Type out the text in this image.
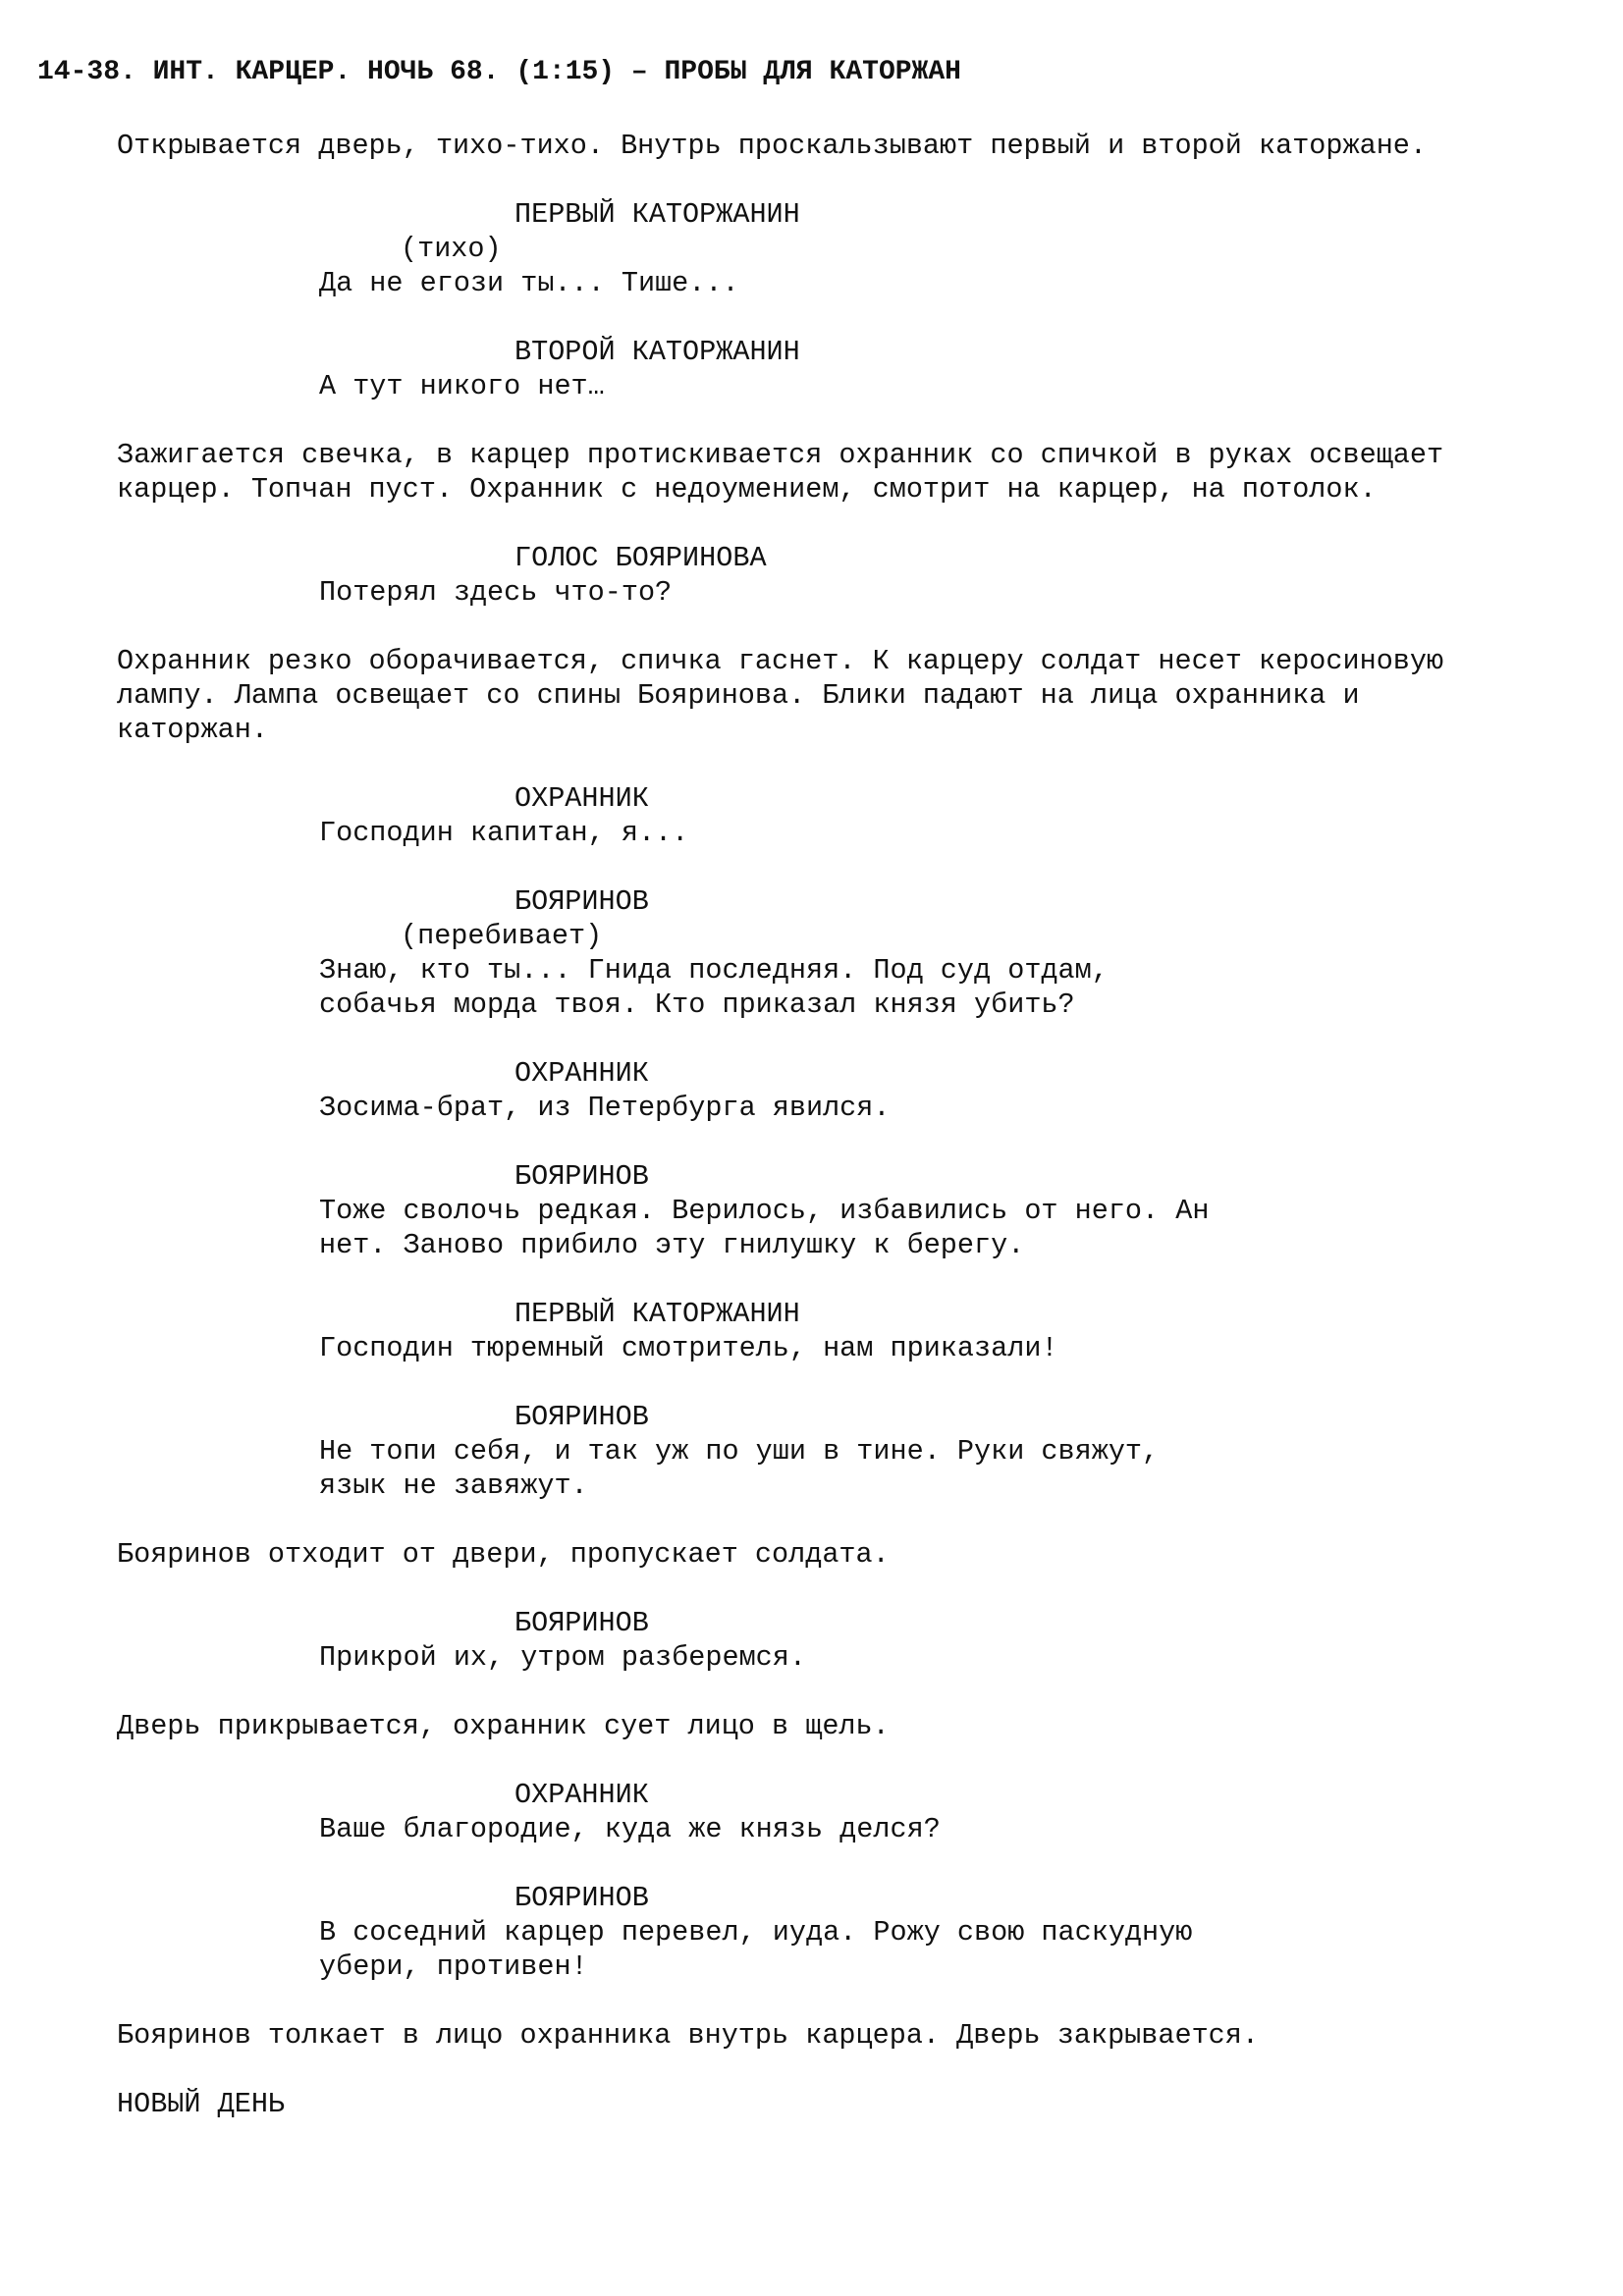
14-38. ИНТ. КАРЦЕР. НОЧЬ 68. (1:15) – ПРОБЫ ДЛЯ КАТОРЖАН
Открывается дверь, тихо-тихо. Внутрь проскальзывают первый и второй каторжане.
ПЕРВЫЙ КАТОРЖАНИН
(тихо)
Да не егози ты... Тише...
ВТОРОЙ КАТОРЖАНИН
А тут никого нет…
Зажигается свечка, в карцер протискивается охранник со спичкой в руках освещает
карцер. Топчан пуст. Охранник с недоумением, смотрит на карцер, на потолок.
ГОЛОС БОЯРИНОВА
Потерял здесь что-то?
Охранник резко оборачивается, спичка гаснет. К карцеру солдат несет керосиновую
лампу. Лампа освещает со спины Бояринова. Блики падают на лица охранника и
каторжан.
ОХРАННИК
Господин капитан, я...
БОЯРИНОВ
(перебивает)
Знаю, кто ты... Гнида последняя. Под суд отдам,
собачья морда твоя. Кто приказал князя убить?
ОХРАННИК
Зосима-брат, из Петербурга явился.
БОЯРИНОВ
Тоже сволочь редкая. Верилось, избавились от него. Ан
нет. Заново прибило эту гнилушку к берегу.
ПЕРВЫЙ КАТОРЖАНИН
Господин тюремный смотритель, нам приказали!
БОЯРИНОВ
Не топи себя, и так уж по уши в тине. Руки свяжут,
язык не завяжут.
Бояринов отходит от двери, пропускает солдата.
БОЯРИНОВ
Прикрой их, утром разберемся.
Дверь прикрывается, охранник сует лицо в щель.
ОХРАННИК
Ваше благородие, куда же князь делся?
БОЯРИНОВ
В соседний карцер перевел, иуда. Рожу свою паскудную
убери, противен!
Бояринов толкает в лицо охранника внутрь карцера. Дверь закрывается.
НОВЫЙ ДЕНЬ
